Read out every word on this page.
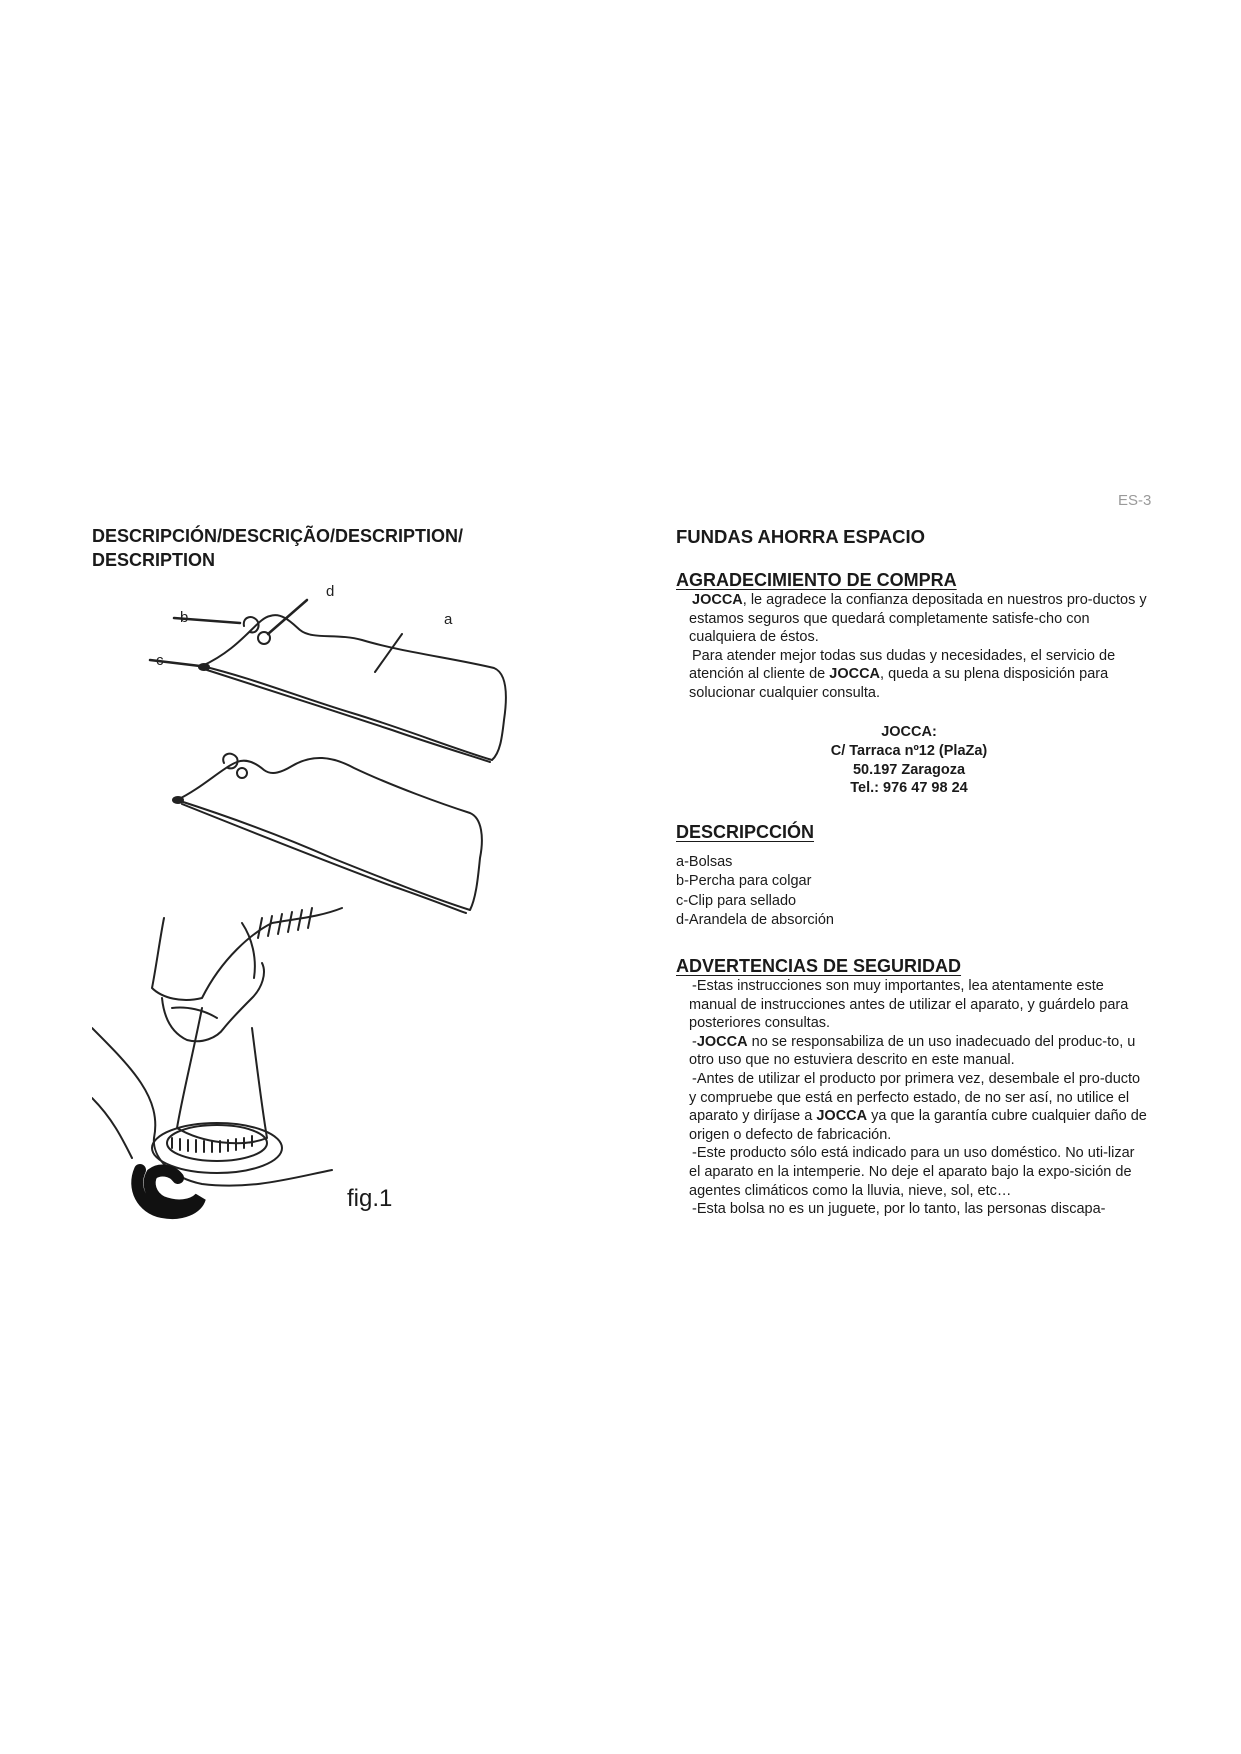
ES-3
DESCRIPCIÓN/DESCRIÇÃO/DESCRIPTION/ DESCRIPTION
a
b
c
d
fig.1
FUNDAS AHORRA ESPACIO
AGRADECIMIENTO DE COMPRA

JOCCA, le agradece la confianza depositada en nuestros pro-ductos y estamos seguros que quedará completamente satisfe-cho con cualquiera de éstos.

Para atender mejor todas sus dudas y necesidades, el servicio de atención al cliente de JOCCA, queda a su plena disposición para solucionar cualquier consulta.

JOCCA:
C/ Tarraca nº12 (PlaZa)
50.197 Zaragoza
Tel.: 976 47 98 24
DESCRIPCCIÓN
a-Bolsas
b-Percha para colgar
c-Clip para sellado
d-Arandela de absorción
ADVERTENCIAS DE SEGURIDAD

-Estas instrucciones son muy importantes, lea atentamente este manual de instrucciones antes de utilizar el aparato, y guárdelo para posteriores consultas.

-JOCCA no se responsabiliza de un uso inadecuado del produc-to, u otro uso que no estuviera descrito en este manual.

-Antes de utilizar el producto por primera vez, desembale el pro-ducto y compruebe que está en perfecto estado, de no ser así, no utilice el aparato y diríjase a JOCCA ya que la garantía cubre cualquier daño de origen o defecto de fabricación.

-Este producto sólo está indicado para un uso doméstico. No uti-lizar el aparato en la intemperie. No deje el aparato bajo la expo-sición de agentes climáticos como la lluvia, nieve, sol, etc…

-Esta bolsa no es un juguete, por lo tanto, las personas discapa-
